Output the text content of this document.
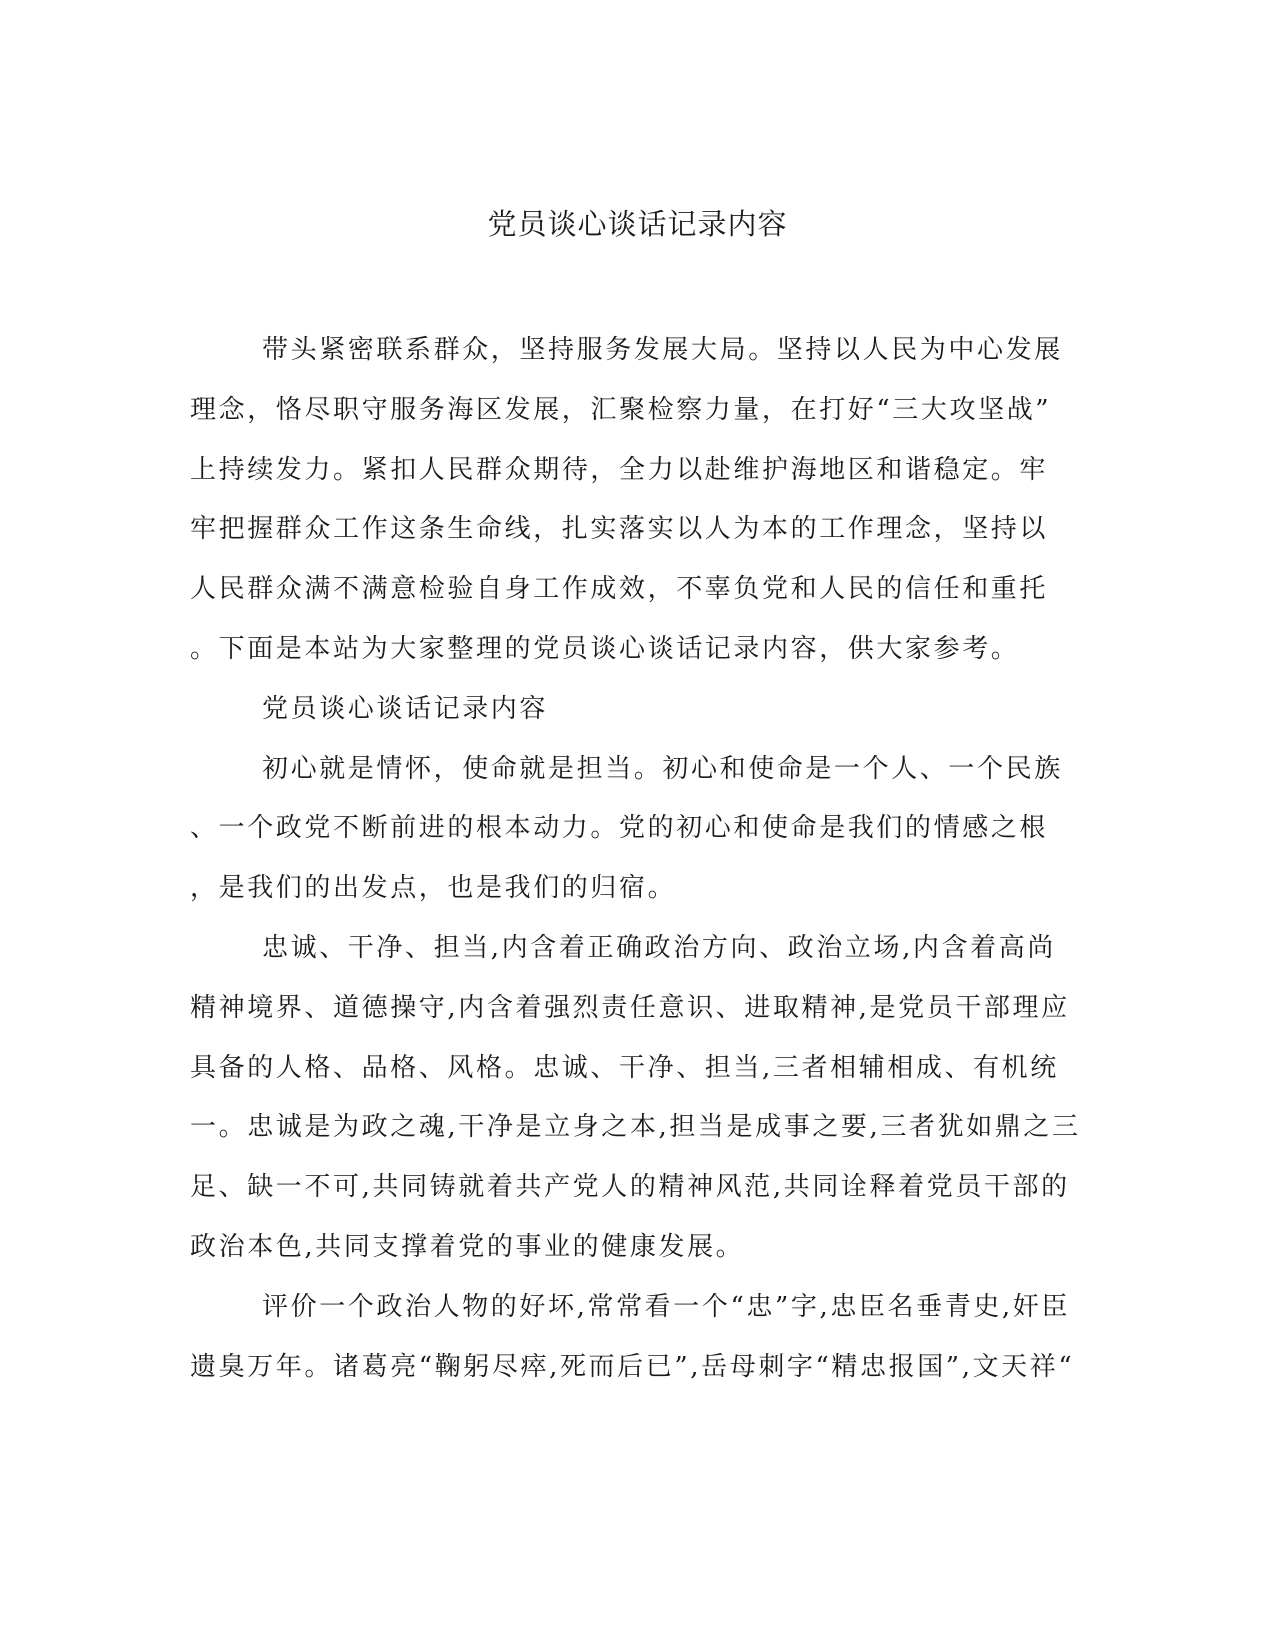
党员谈心谈话记录内容
带头紧密联系群众，坚持服务发展大局。坚持以人民为中心发展
理念，恪尽职守服务海区发展，汇聚检察力量，在打好“三大攻坚战”
上持续发力。紧扣人民群众期待，全力以赴维护海地区和谐稳定。牢
牢把握群众工作这条生命线，扎实落实以人为本的工作理念，坚持以
人民群众满不满意检验自身工作成效，不辜负党和人民的信任和重托
。下面是本站为大家整理的党员谈心谈话记录内容，供大家参考。
党员谈心谈话记录内容
初心就是情怀，使命就是担当。初心和使命是一个人、一个民族
、一个政党不断前进的根本动力。党的初心和使命是我们的情感之根
，是我们的出发点，也是我们的归宿。
忠诚、干净、担当,内含着正确政治方向、政治立场,内含着高尚
精神境界、道德操守,内含着强烈责任意识、进取精神,是党员干部理应
具备的人格、品格、风格。忠诚、干净、担当,三者相辅相成、有机统
一。忠诚是为政之魂,干净是立身之本,担当是成事之要,三者犹如鼎之三
足、缺一不可,共同铸就着共产党人的精神风范,共同诠释着党员干部的
政治本色,共同支撑着党的事业的健康发展。
评价一个政治人物的好坏,常常看一个“忠”字,忠臣名垂青史,奸臣
遗臭万年。诸葛亮“鞠躬尽瘁,死而后已”,岳母刺字“精忠报国”,文天祥“
